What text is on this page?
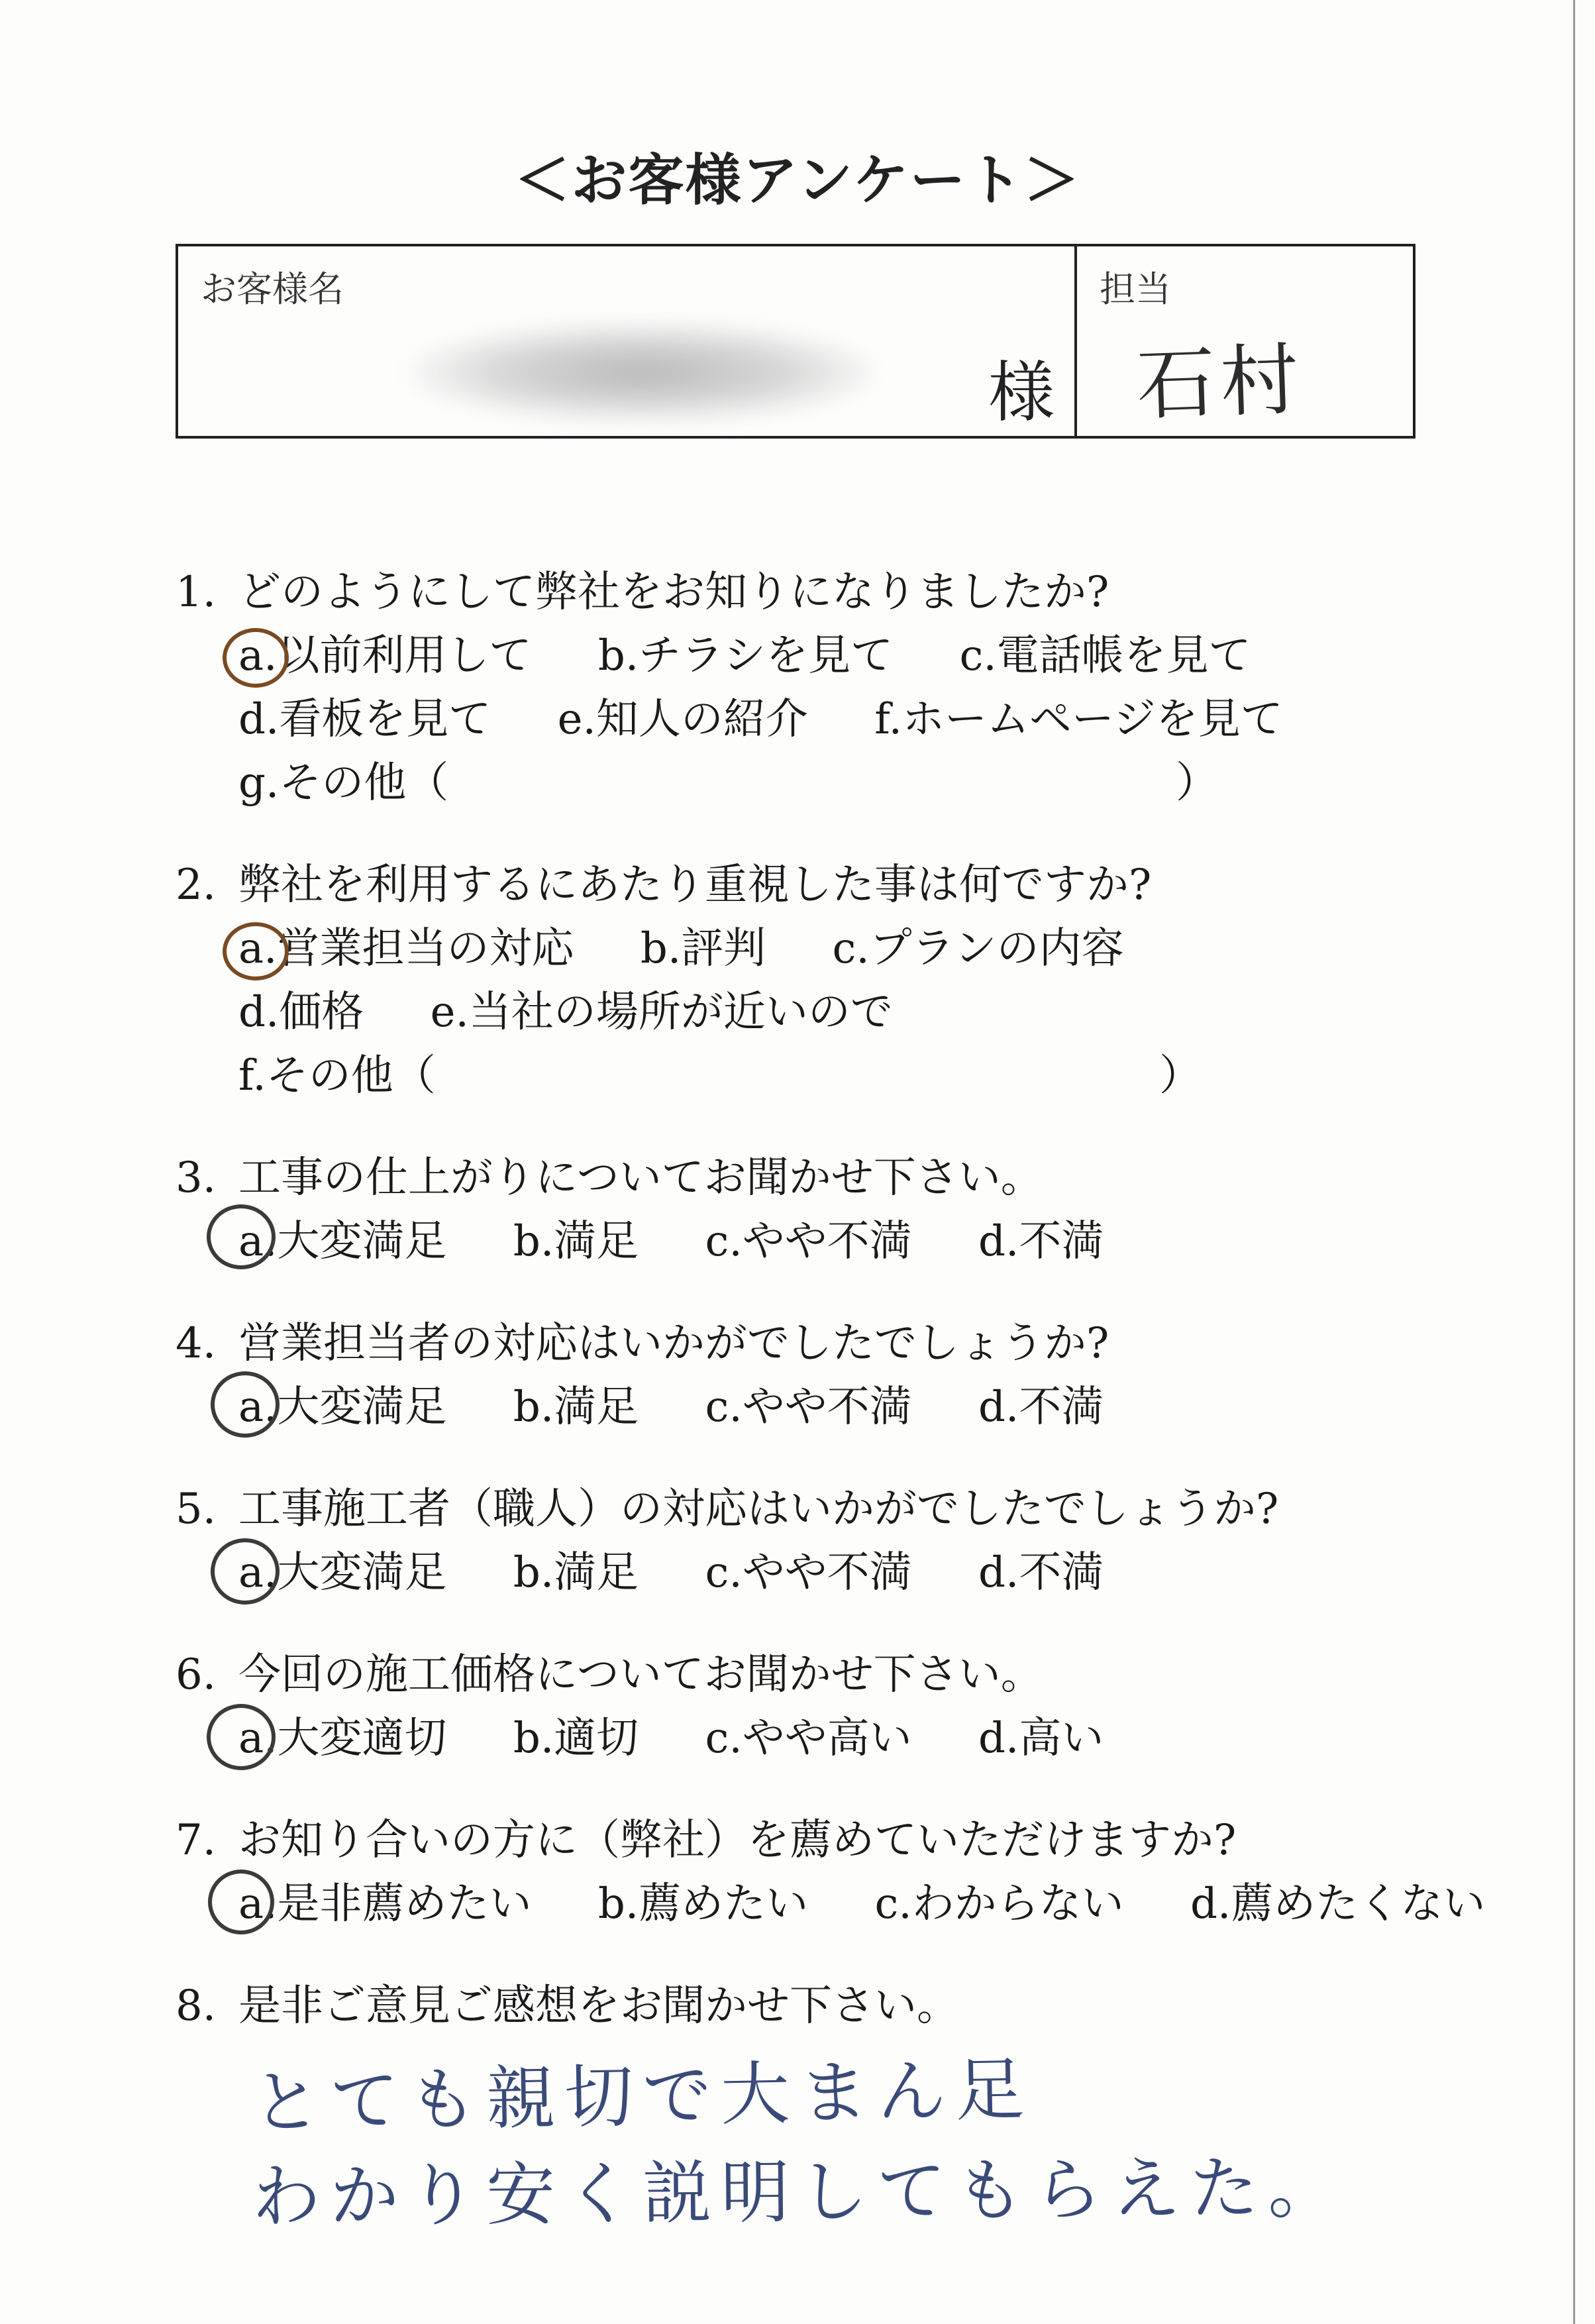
＜お客様アンケート＞
お客様名
様
担当
石村
1. どのようにして弊社をお知りになりましたか?
a.以前利用して b.チラシを見て c.電話帳を見て
d.看板を見て e.知人の紹介 f.ホームページを見て
g.その他（	）
2. 弊社を利用するにあたり重視した事は何ですか?
a.営業担当の対応 b.評判 c.プランの内容
d.価格 e.当社の場所が近いので
f.その他（	）
3. 工事の仕上がりについてお聞かせ下さい。
a.大変満足 b.満足 c.やや不満 d.不満
4. 営業担当者の対応はいかがでしたでしょうか?
a.大変満足 b.満足 c.やや不満 d.不満
5. 工事施工者（職人）の対応はいかがでしたでしょうか?
a.大変満足 b.満足 c.やや不満 d.不満
6. 今回の施工価格についてお聞かせ下さい。
a.大変適切 b.適切 c.やや高い d.高い
7. お知り合いの方に（弊社）を薦めていただけますか?
a.是非薦めたい b.薦めたい c.わからない d.薦めたくない
8. 是非ご意見ご感想をお聞かせ下さい。
とても親切で大まん足
わかり安く説明してもらえた。
